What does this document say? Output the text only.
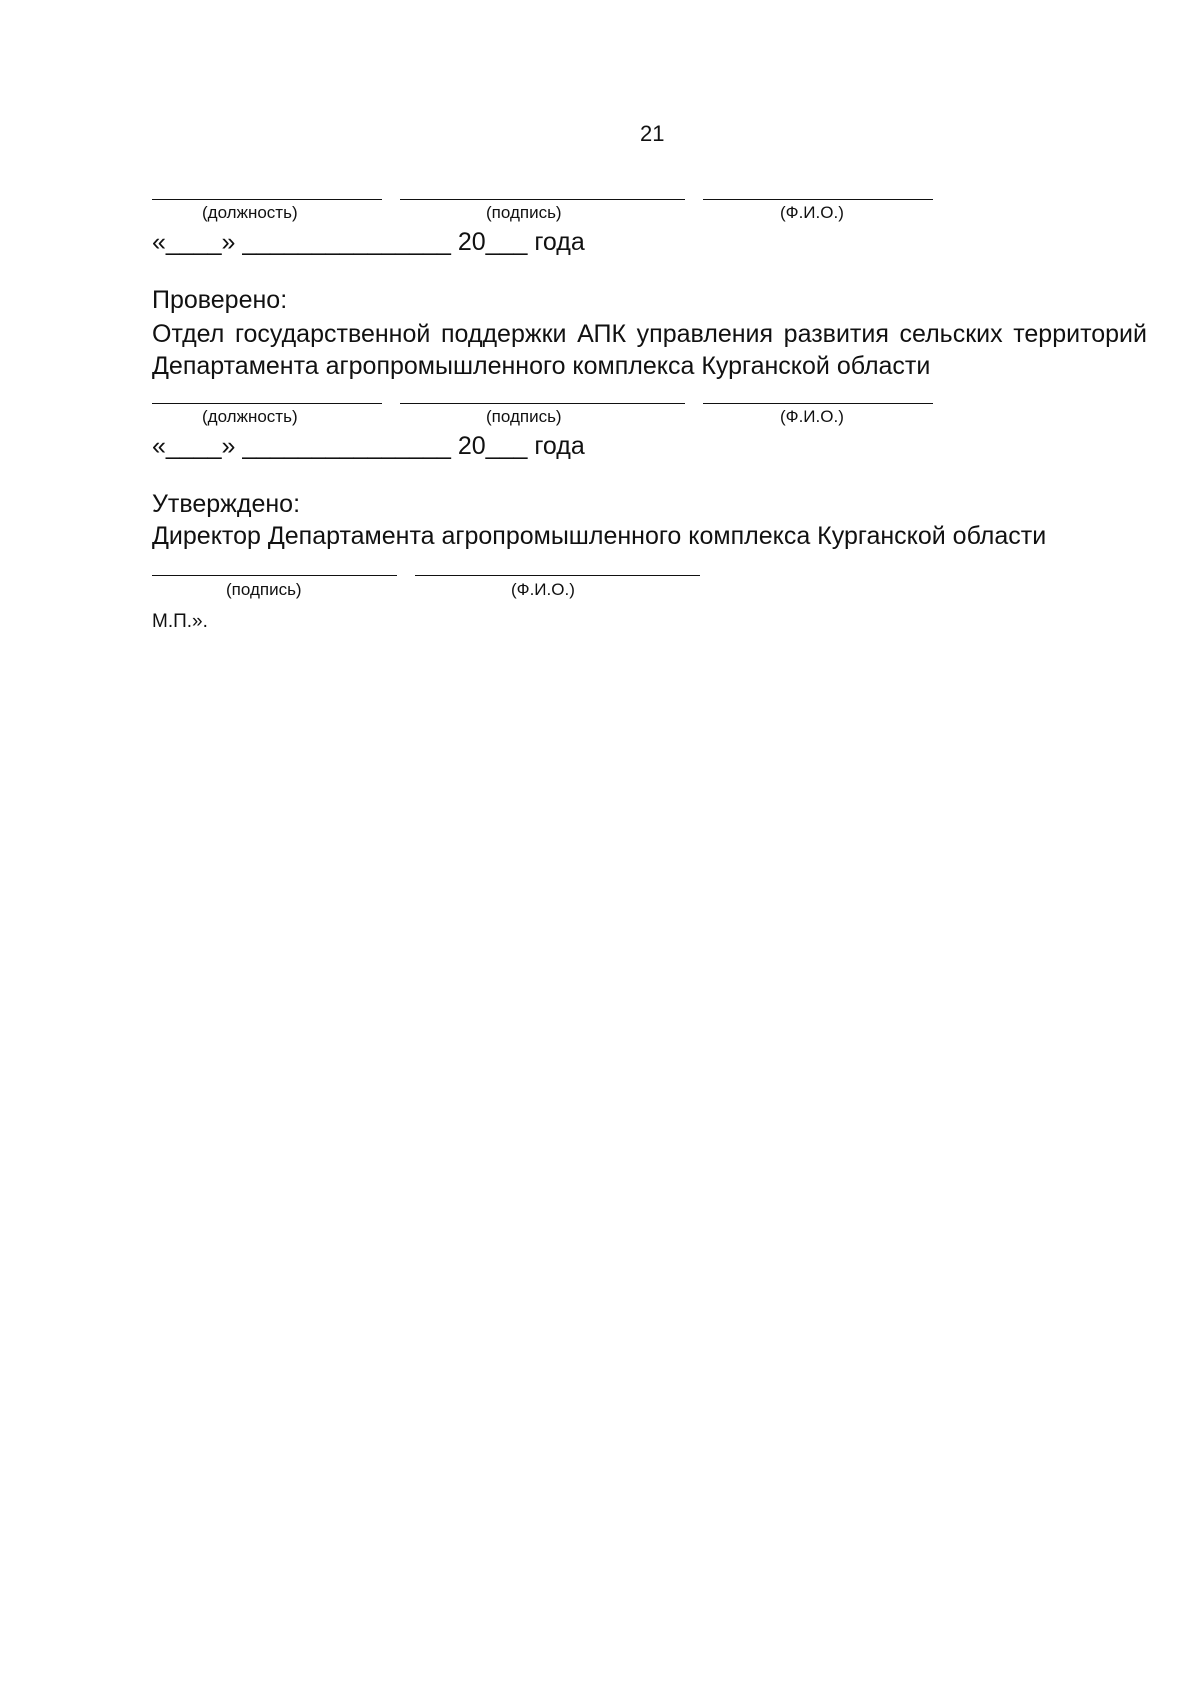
21
(должность)	(подпись)	(Ф.И.О.)
«____» _______________ 20___ года
Проверено:
Отдел государственной поддержки АПК управления развития сельских территорий Департамента агропромышленного комплекса Курганской области
(должность)	(подпись)	(Ф.И.О.)
«____» _______________ 20___ года
Утверждено:
Директор Департамента агропромышленного комплекса Курганской области
(подпись)	(Ф.И.О.)
М.П.».
